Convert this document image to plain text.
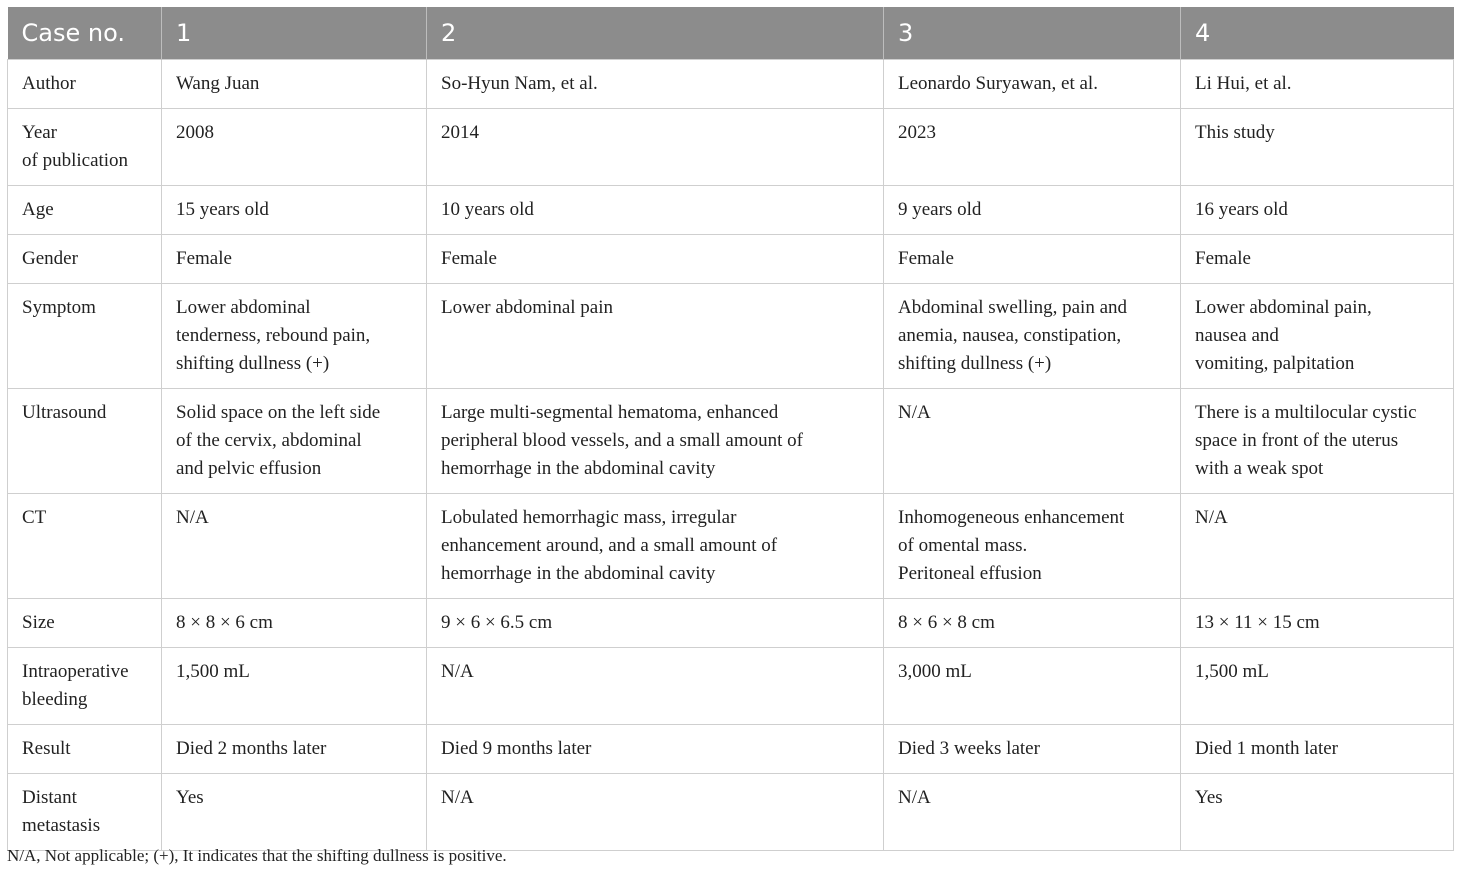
Case no.	1	2	3	4

Author	Wang Juan	So-Hyun Nam, et al.	Leonardo Suryawan, et al.	Li Hui, et al.

Year
of publication	2008	2014	2023	This study

Age	15 years old	10 years old	9 years old	16 years old

Gender	Female	Female	Female	Female

Symptom	Lower abdominal
tenderness, rebound pain,
shifting dullness (+)	Lower abdominal pain	Abdominal swelling, pain and
anemia, nausea, constipation,
shifting dullness (+)	Lower abdominal pain,
nausea and
vomiting, palpitation

Ultrasound	Solid space on the left side
of the cervix, abdominal
and pelvic effusion	Large multi-segmental hematoma, enhanced
peripheral blood vessels, and a small amount of
hemorrhage in the abdominal cavity	N/A	There is a multilocular cystic
space in front of the uterus
with a weak spot

CT	N/A	Lobulated hemorrhagic mass, irregular
enhancement around, and a small amount of
hemorrhage in the abdominal cavity	Inhomogeneous enhancement
of omental mass.
Peritoneal effusion	N/A

Size	8 × 8 × 6 cm	9 × 6 × 6.5 cm	8 × 6 × 8 cm	13 × 11 × 15 cm

Intraoperative
bleeding	1,500 mL	N/A	3,000 mL	1,500 mL

Result	Died 2 months later	Died 9 months later	Died 3 weeks later	Died 1 month later

Distant
metastasis	Yes	N/A	N/A	Yes
N/A, Not applicable; (+), It indicates that the shifting dullness is positive.
